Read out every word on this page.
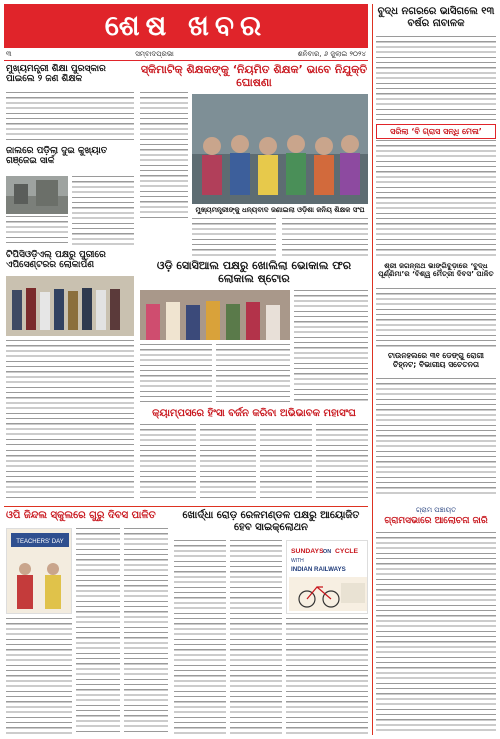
ଶେଷ ଖବର
୩	ସମ୍ବାଦପ୍ରଭା	ଶନିବାର, ୬ ଜୁଲାଇ ୨୦୨୪
ମୁଖ୍ୟମନ୍ତ୍ରୀ ଶିକ୍ଷା ପୁରସ୍କାର ପାଇଲେ ୨ ଜଣ ଶିକ୍ଷକ
ଜାଲରେ ପଡ଼ିଲା ଦୁଇ କୁଖ୍ୟାତ ଗଞ୍ଜେଇ ସାର୍କ
ଟିପିସିଓଡ଼ିଏଲ୍ ପକ୍ଷରୁ ପୁରୀରେ ଏପିସେଣ୍ଟରର ଲୋକାର୍ପଣ
ସ୍କିମାଟିକ୍ ଶିକ୍ଷକଙ୍କୁ ‘ନିୟମିତ ଶିକ୍ଷକ’ ଭାବେ ନିଯୁକ୍ତି ଘୋଷଣା
ମୁଖ୍ୟମନ୍ତ୍ରୀଙ୍କୁ ଧନ୍ୟବାଦ ଜଣାଇଲା ଓଡ଼ିଶା ଜନିୟ ଶିକ୍ଷକ ସଂଘ
ଓଡ଼ି ସୋସିଆଲ ପକ୍ଷରୁ ଖୋଲିଲା ଭୋକାଲ ଫର ଲୋକାଲ ଷ୍ଟୋର
କ୍ୟାମ୍ପସରେ ହିଂସା ବର୍ଜନ କରିବା ଅଭିଭାବକ ମହାସଂଘ
ଓପି ଜିନ୍ଦଲ ସ୍କୁଲରେ ଗୁରୁ ଦିବସ ପାଳିତ
TEACHERS' DAY
ଖୋର୍ଦ୍ଧା ରୋଡ଼ ରେଳମଣ୍ଡଳ ପକ୍ଷରୁ ଆୟୋଜିତ ହେବ ସାଇକ୍ଲୋଥନ
SUNDAYS ON CYCLE
WITH
INDIAN RAILWAYS
ବୁଦ୍ଧ ନଗରରେ ଭାସିଗଲେ ୧୩ ବର୍ଷର ନାବାଳକ
ସରିଲା ‘ବି ଗ୍ରାସ ସନ୍ଧି ମେଳା’
ଶ୍ରୀ ଜଗନ୍ନାଥ ଭାଙ୍ଗିବୁଡ଼ାରେ ‘ବୁଦ୍ଧ ପୂର୍ଣ୍ଣିମା’ର ‘ବିଶ୍ୱ ମୈତ୍ରୀ ଦିବସ’ ପାଳିତ
ଟାଉନହଲରେ ୩୧ ଡେଙ୍ଗୁ ରୋଗୀ ଚିହ୍ନଟ; ବିଭାଗୀୟ ସଚେତନତା
ଗ୍ରାମ ପଞ୍ଚାୟତ
ଗ୍ରାମସଭାରେ ଆଲୋଚନା ଜାରି
